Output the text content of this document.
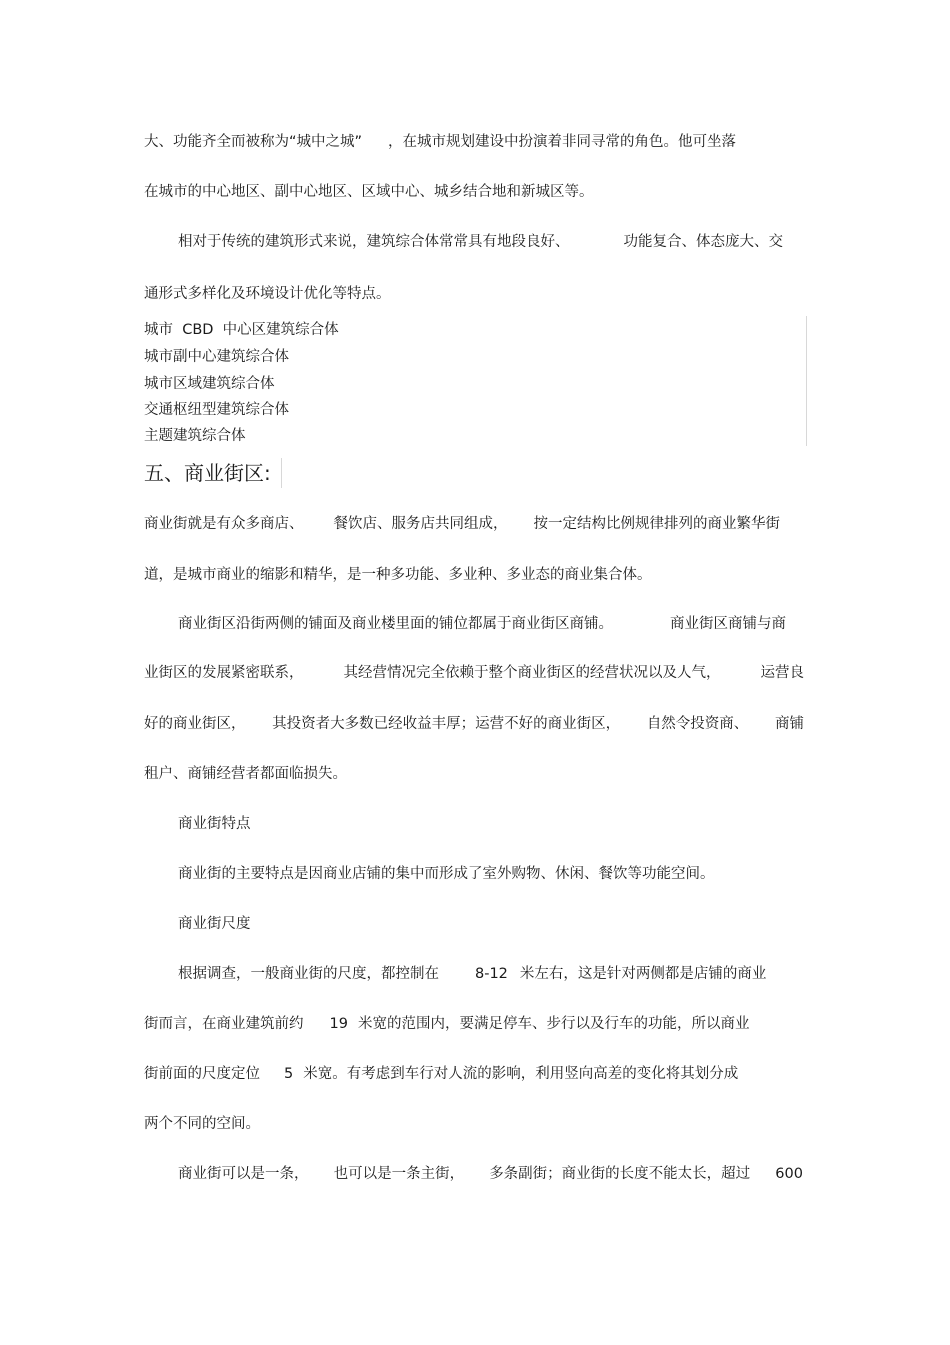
大、功能齐全而被称为“城中之城” ，在城市规划建设中扮演着非同寻常的角色。他可坐落
在城市的中心地区、副中心地区、区域中心、城乡结合地和新城区等。
相对于传统的建筑形式来说，建筑综合体常常具有地段良好、	功能复合、体态庞大、交
通形式多样化及环境设计优化等特点。
城市  CBD  中心区建筑综合体
城市副中心建筑综合体
城市区域建筑综合体
交通枢纽型建筑综合体
主题建筑综合体
五、商业街区:
商业街就是有众多商店、 餐饮店、服务店共同组成， 按一定结构比例规律排列的商业繁华街
道，是城市商业的缩影和精华，是一种多功能、多业种、多业态的商业集合体。
商业街区沿街两侧的铺面及商业楼里面的铺位都属于商业街区商铺。	商业街区商铺与商
业街区的发展紧密联系，	其经营情况完全依赖于整个商业街区的经营状况以及人气，	运营良
好的商业街区， 其投资者大多数已经收益丰厚；运营不好的商业街区， 自然令投资商、 商铺
租户、商铺经营者都面临损失。
商业街特点
商业街的主要特点是因商业店铺的集中而形成了室外购物、休闲、餐饮等功能空间。
商业街尺度
根据调查，一般商业街的尺度，都控制在 8-12 米左右，这是针对两侧都是店铺的商业
街而言，在商业建筑前约 19 米宽的范围内，要满足停车、步行以及行车的功能，所以商业
街前面的尺度定位 5 米宽。有考虑到车行对人流的影响，利用竖向高差的变化将其划分成
两个不同的空间。
商业街可以是一条， 也可以是一条主街， 多条副街；商业街的长度不能太长，超过 600
